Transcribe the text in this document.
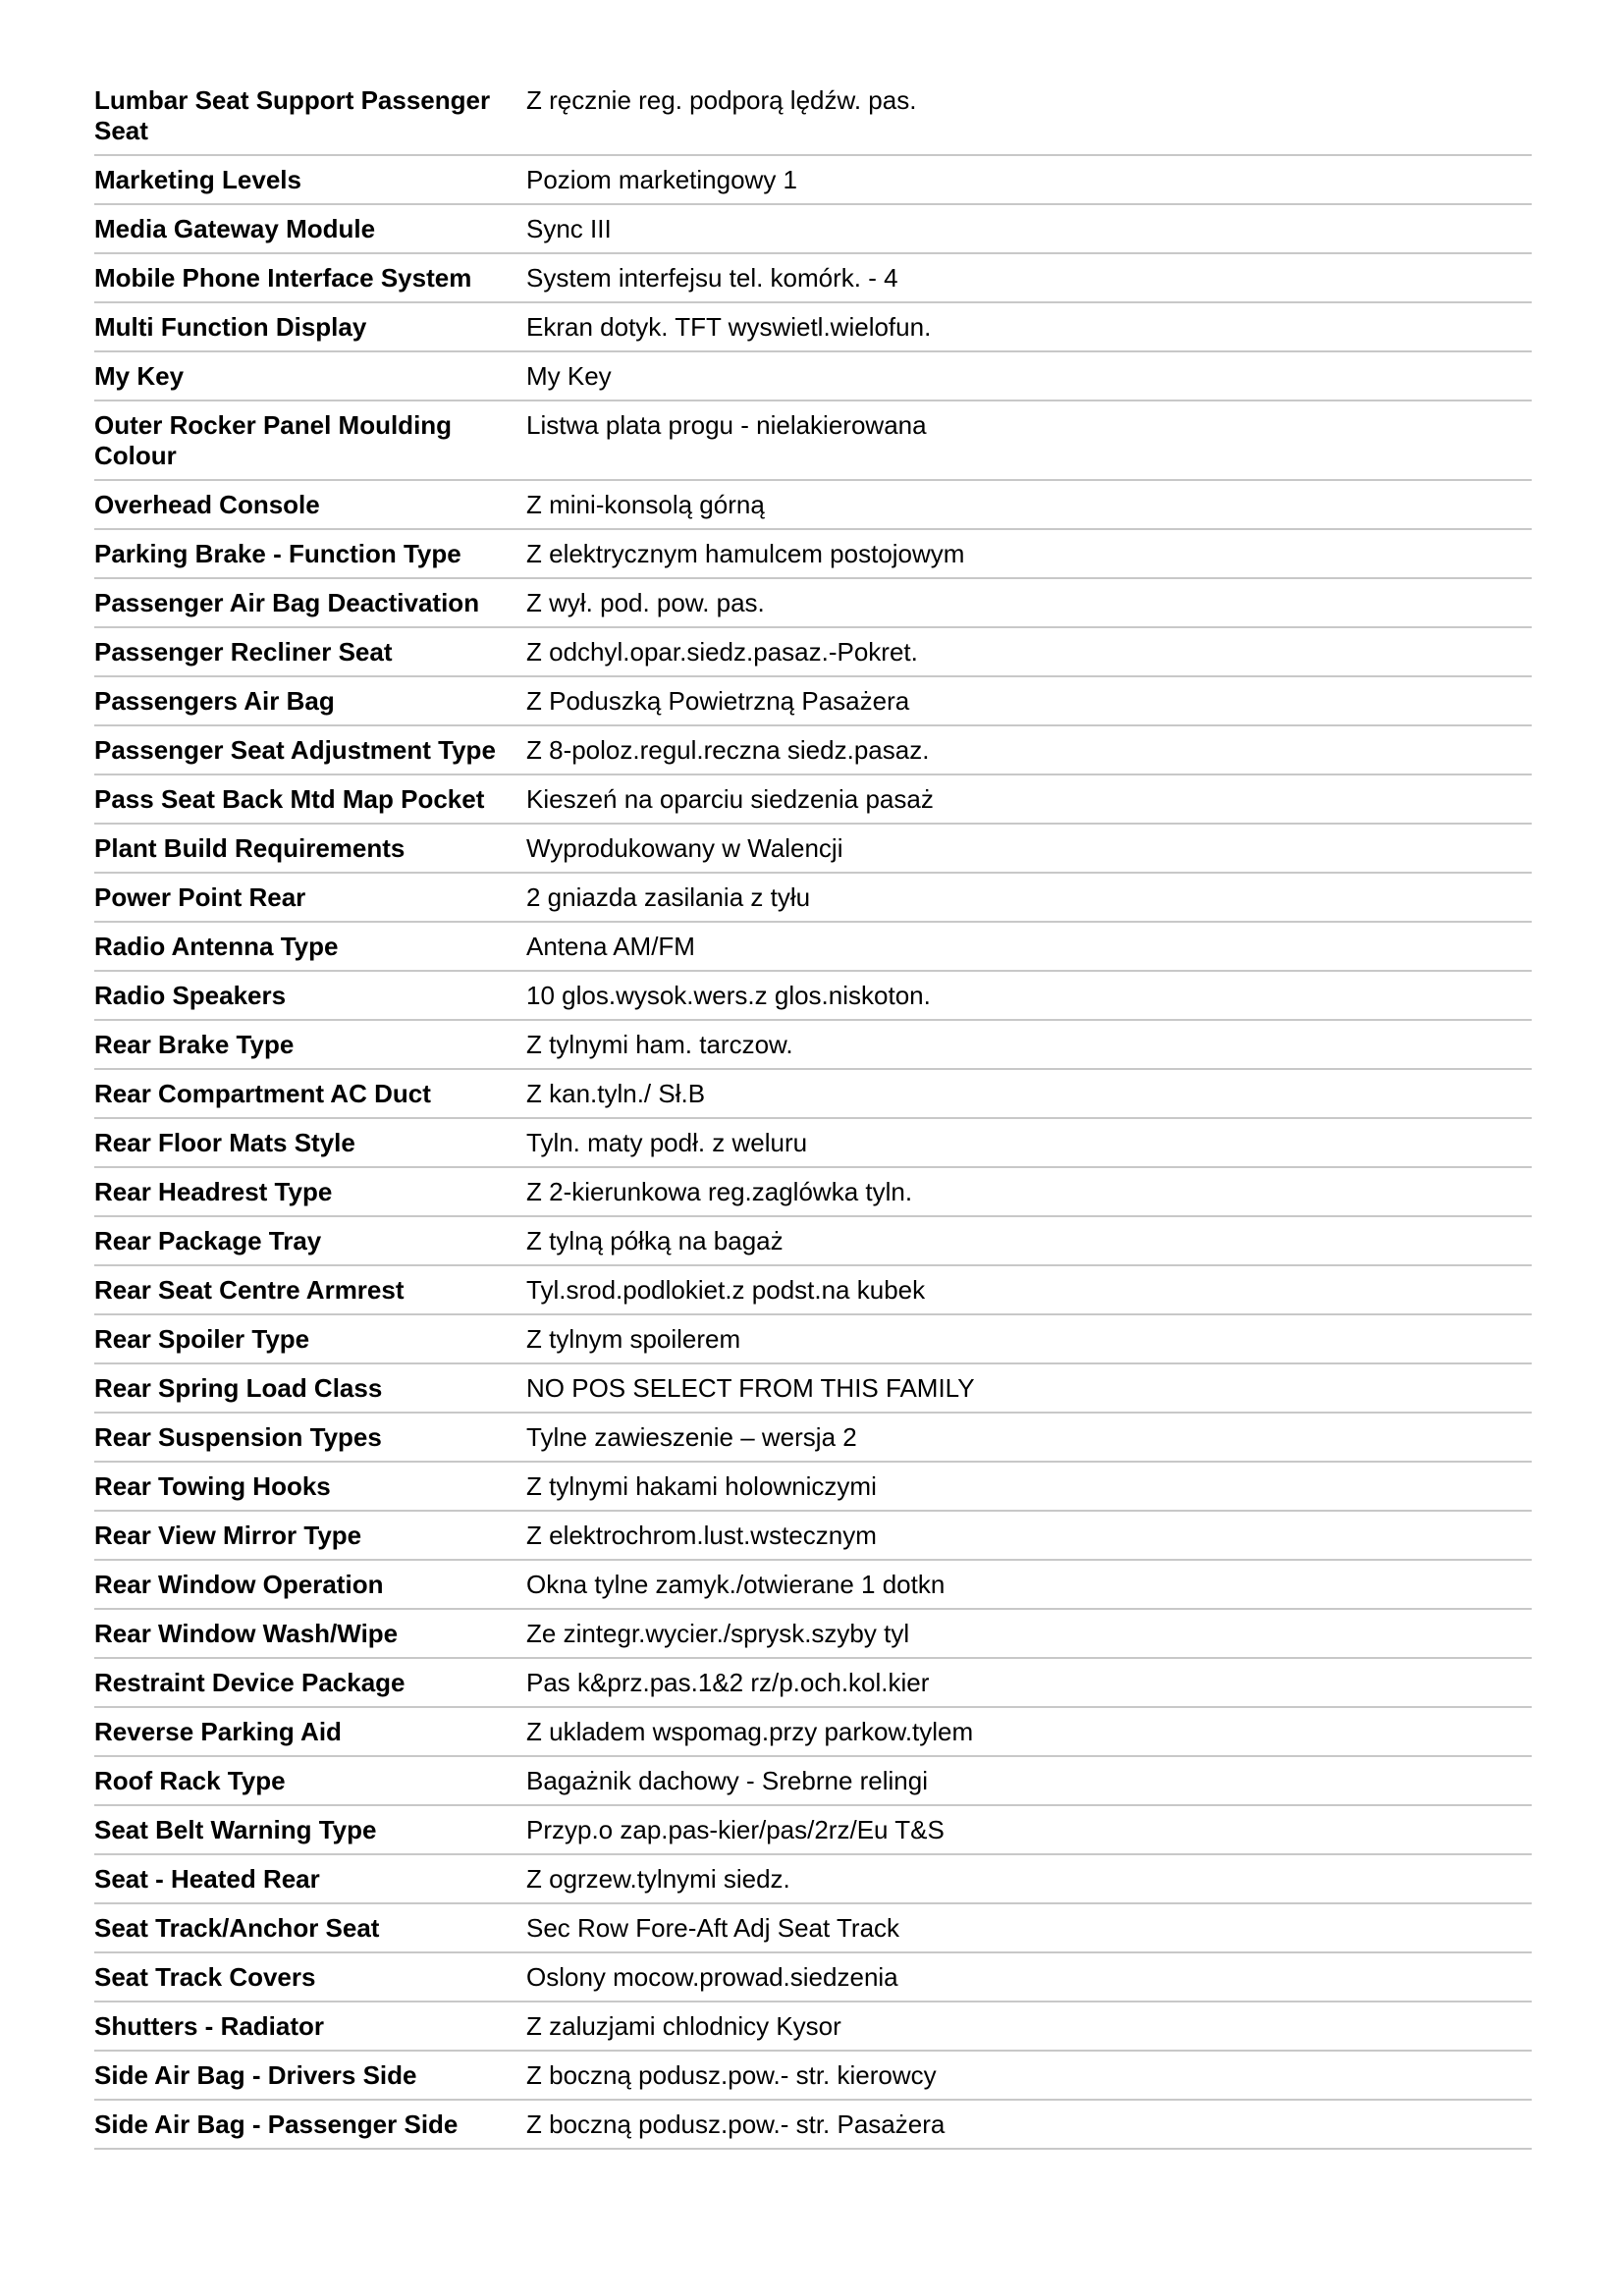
Lumbar Seat Support Passenger Seat	Z ręcznie reg. podporą lędźw. pas.
Marketing Levels	Poziom marketingowy 1
Media Gateway Module	Sync III
Mobile Phone Interface System	System interfejsu tel. komórk. - 4
Multi Function Display	Ekran dotyk. TFT wyswietl.wielofun.
My Key	My Key
Outer Rocker Panel Moulding Colour	Listwa plata progu - nielakierowana
Overhead Console	Z mini-konsolą górną
Parking Brake - Function Type	Z elektrycznym hamulcem postojowym
Passenger Air Bag Deactivation	Z wył. pod. pow. pas.
Passenger Recliner Seat	Z odchyl.opar.siedz.pasaz.-Pokret.
Passengers Air Bag	Z Poduszką Powietrzną Pasażera
Passenger Seat Adjustment Type	Z 8-poloz.regul.reczna siedz.pasaz.
Pass Seat Back Mtd Map Pocket	Kieszeń na oparciu siedzenia pasaż
Plant Build Requirements	Wyprodukowany w Walencji
Power Point Rear	2 gniazda zasilania z tyłu
Radio Antenna Type	Antena AM/FM
Radio Speakers	10 glos.wysok.wers.z glos.niskoton.
Rear Brake Type	Z tylnymi ham. tarczow.
Rear Compartment AC Duct	Z kan.tyln./ Sł.B
Rear Floor Mats Style	Tyln. maty podł. z weluru
Rear Headrest Type	Z 2-kierunkowa reg.zaglówka tyln.
Rear Package Tray	Z tylną półką na bagaż
Rear Seat Centre Armrest	Tyl.srod.podlokiet.z podst.na kubek
Rear Spoiler Type	Z tylnym spoilerem
Rear Spring Load Class	NO POS SELECT FROM THIS FAMILY
Rear Suspension Types	Tylne zawieszenie – wersja 2
Rear Towing Hooks	Z tylnymi hakami holowniczymi
Rear View Mirror Type	Z elektrochrom.lust.wstecznym
Rear Window Operation	Okna tylne zamyk./otwierane 1 dotkn
Rear Window Wash/Wipe	Ze zintegr.wycier./sprysk.szyby tyl
Restraint Device Package	Pas k&prz.pas.1&2 rz/p.och.kol.kier
Reverse Parking Aid	Z ukladem wspomag.przy parkow.tylem
Roof Rack Type	Bagażnik dachowy - Srebrne relingi
Seat Belt Warning Type	Przyp.o zap.pas-kier/pas/2rz/Eu T&S
Seat - Heated Rear	Z ogrzew.tylnymi siedz.
Seat Track/Anchor Seat	Sec Row Fore-Aft Adj Seat Track
Seat Track Covers	Oslony mocow.prowad.siedzenia
Shutters - Radiator	Z zaluzjami chlodnicy Kysor
Side Air Bag - Drivers Side	Z boczną podusz.pow.- str. kierowcy
Side Air Bag - Passenger Side	Z boczną podusz.pow.- str. Pasażera
